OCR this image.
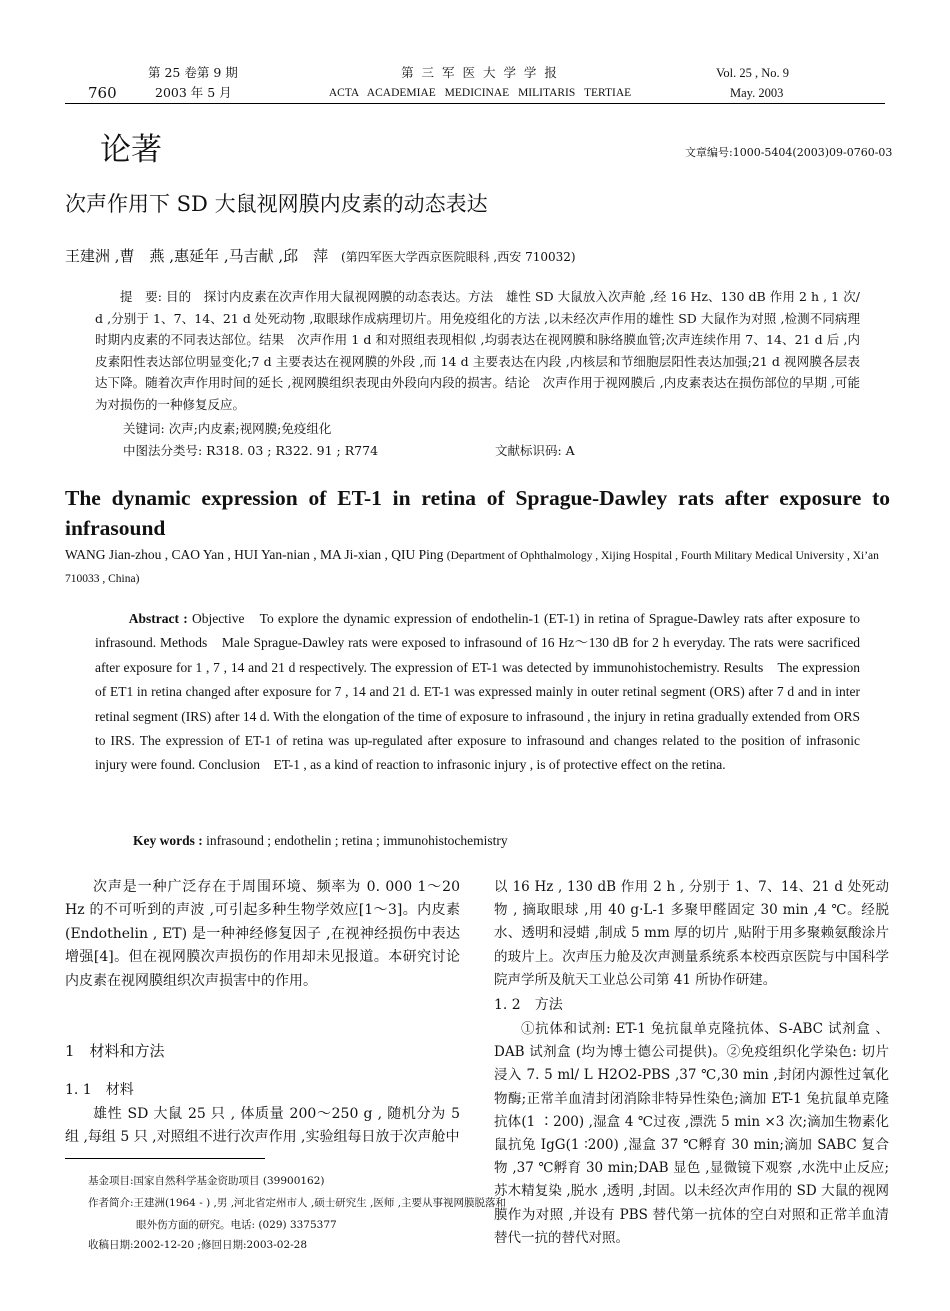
760
第 25 卷第 9 期
2003 年 5 月
第 三 军 医 大 学 学 报
ACTA ACADEMIAE MEDICINAE MILITARIS TERTIAE
Vol. 25 , No. 9
May. 2003
论著	文章编号:1000-5404(2003)09-0760-03
次声作用下 SD 大鼠视网膜内皮素的动态表达
王建洲 ,曹　燕 ,惠延年 ,马吉献 ,邱　萍 (第四军医大学西京医院眼科 ,西安 710032)
提　要: 目的　探讨内皮素在次声作用大鼠视网膜的动态表达。方法　雄性 SD 大鼠放入次声舱 ,经 16 Hz、130 dB 作用 2 h , 1 次/ d ,分别于 1、7、14、21 d 处死动物 ,取眼球作成病理切片。用免疫组化的方法 ,以未经次声作用的雄性 SD 大鼠作为对照 ,检测不同病理时期内皮素的不同表达部位。结果　次声作用 1 d 和对照组表现相似 ,均弱表达在视网膜和脉络膜血管;次声连续作用 7、14、21 d 后 ,内皮素阳性表达部位明显变化;7 d 主要表达在视网膜的外段 ,而 14 d 主要表达在内段 ,内核层和节细胞层阳性表达加强;21 d 视网膜各层表达下降。随着次声作用时间的延长 ,视网膜组织表现由外段向内段的损害。结论　次声作用于视网膜后 ,内皮素表达在损伤部位的早期 ,可能为对损伤的一种修复反应。
关键词: 次声;内皮素;视网膜;免疫组化
中图法分类号: R318. 03 ; R322. 91 ; R774	文献标识码: A
The dynamic expression of ET-1 in retina of Sprague-Dawley rats after exposure to infrasound
WANG Jian-zhou , CAO Yan , HUI Yan-nian , MA Ji-xian , QIU Ping (Department of Ophthalmology , Xijing Hospital , Fourth Military Medical University , Xi’an 710033 , China)
Abstract : Objective　To explore the dynamic expression of endothelin-1 (ET-1) in retina of Sprague-Dawley rats after exposure to infrasound. Methods　Male Sprague-Dawley rats were exposed to infrasound of 16 Hz～130 dB for 2 h everyday. The rats were sacrificed after exposure for 1 , 7 , 14 and 21 d respectively. The expression of ET-1 was detected by immunohistochemistry. Results　The expression of ET1 in retina changed after exposure for 7 , 14 and 21 d. ET-1 was expressed mainly in outer retinal segment (ORS) after 7 d and in inter retinal segment (IRS) after 14 d. With the elongation of the time of exposure to infrasound , the injury in retina gradually extended from ORS to IRS. The expression of ET-1 of retina was up-regulated after exposure to infrasound and changes related to the position of infrasonic injury were found. Conclusion　ET-1 , as a kind of reaction to infrasonic injury , is of protective effect on the retina.
Key words : infrasound ; endothelin ; retina ; immunohistochemistry
次声是一种广泛存在于周围环境、频率为 0. 000 1～20 Hz 的不可听到的声波 ,可引起多种生物学效应[1～3]。内皮素 (Endothelin , ET) 是一种神经修复因子 ,在视神经损伤中表达增强[4]。但在视网膜次声损伤的作用却未见报道。本研究讨论内皮素在视网膜组织次声损害中的作用。
1　材料和方法
1. 1　材料
雄性 SD 大鼠 25 只 , 体质量 200～250 g , 随机分为 5 组 ,每组 5 只 ,对照组不进行次声作用 ,实验组每日放于次声舱中
基金项目:国家自然科学基金资助项目 (39900162)
作者简介:王建洲(1964 - ) ,男 ,河北省定州市人 ,硕士研究生 ,医师 ,主要从事视网膜脱落和眼外伤方面的研究。电话: (029) 3375377
收稿日期:2002-12-20 ;修回日期:2003-02-28
以 16 Hz , 130 dB 作用 2 h , 分别于 1、7、14、21 d 处死动物 , 摘取眼球 ,用 40 g·L-1 多聚甲醛固定 30 min ,4 ℃。经脱水、透明和浸蜡 ,制成 5 mm 厚的切片 ,贴附于用多聚赖氨酸涂片的玻片上。次声压力舱及次声测量系统系本校西京医院与中国科学院声学所及航天工业总公司第 41 所协作研建。
1. 2　方法
①抗体和试剂: ET-1 兔抗鼠单克隆抗体、S-ABC 试剂盒 、DAB 试剂盒 (均为博士德公司提供)。②免疫组织化学染色: 切片浸入 7. 5 ml/ L H2O2-PBS ,37 ℃,30 min ,封闭内源性过氧化物酶;正常羊血清封闭消除非特异性染色;滴加 ET-1 兔抗鼠单克隆抗体(1 ∶200) ,湿盒 4 ℃过夜 ,漂洗 5 min ×3 次;滴加生物素化鼠抗兔 IgG(1 ∶200) ,湿盒 37 ℃孵育 30 min;滴加 SABC 复合物 ,37 ℃孵育 30 min;DAB 显色 ,显微镜下观察 ,水洗中止反应;苏木精复染 ,脱水 ,透明 ,封固。以未经次声作用的 SD 大鼠的视网膜作为对照 ,并设有 PBS 替代第一抗体的空白对照和正常羊血清替代一抗的替代对照。
